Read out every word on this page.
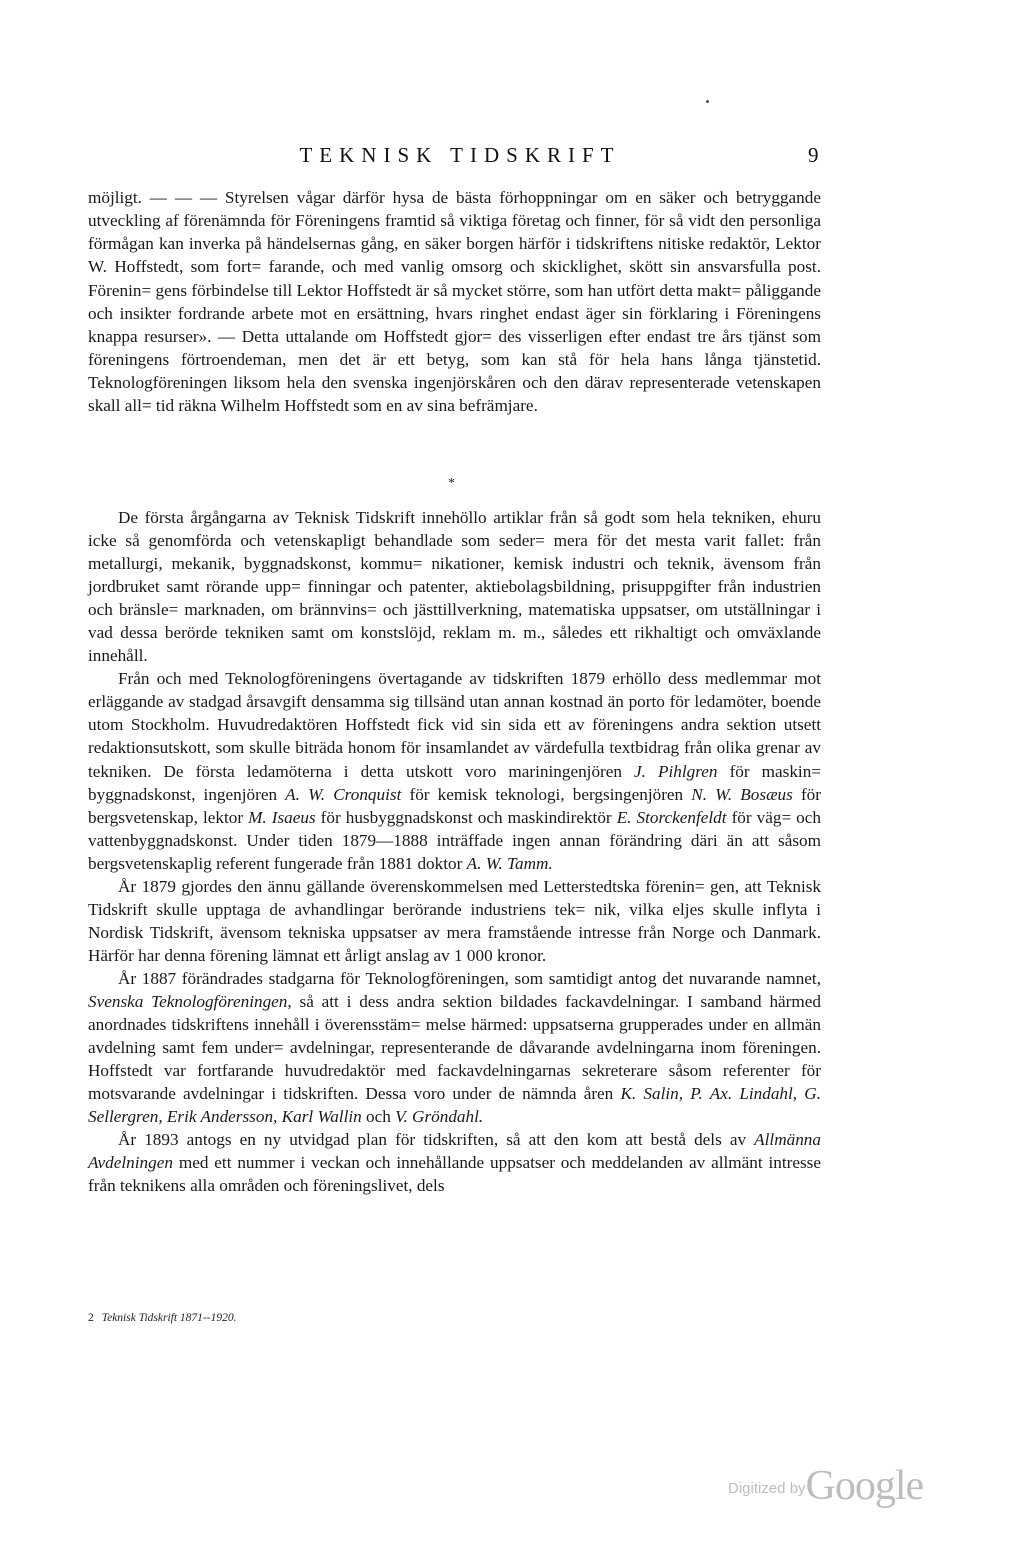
TEKNISK TIDSKRIFT	9

möjligt. — — — Styrelsen vågar därför hysa de bästa förhoppningar om en säker och betryggande utveckling af förenämnda för Föreningens framtid så viktiga företag och finner, för så vidt den personliga förmågan kan inverka på händelsernas gång, en säker borgen härför i tidskriftens nitiske redaktör, Lektor W. Hoffstedt, som fort= farande, och med vanlig omsorg och skicklighet, skött sin ansvarsfulla post. Förenin= gens förbindelse till Lektor Hoffstedt är så mycket större, som han utfört detta makt= påliggande och insikter fordrande arbete mot en ersättning, hvars ringhet endast äger sin förklaring i Föreningens knappa resurser». — Detta uttalande om Hoffstedt gjor= des visserligen efter endast tre års tjänst som föreningens förtroendeman, men det är ett betyg, som kan stå för hela hans långa tjänstetid. Teknologföreningen liksom hela den svenska ingenjörskåren och den därav representerade vetenskapen skall all= tid räkna Wilhelm Hoffstedt som en av sina befrämjare.

*

De första årgångarna av Teknisk Tidskrift innehöllo artiklar från så godt som hela tekniken, ehuru icke så genomförda och vetenskapligt behandlade som seder= mera för det mesta varit fallet: från metallurgi, mekanik, byggnadskonst, kommu= nikationer, kemisk industri och teknik, ävensom från jordbruket samt rörande upp= finningar och patenter, aktiebolagsbildning, prisuppgifter från industrien och bränsle= marknaden, om brännvins= och jästtillverkning, matematiska uppsatser, om utställningar i vad dessa berörde tekniken samt om konstslöjd, reklam m. m., således ett rikhaltigt och omväxlande innehåll.

Från och med Teknologföreningens övertagande av tidskriften 1879 erhöllo dess medlemmar mot erläggande av stadgad årsavgift densamma sig tillsänd utan annan kostnad än porto för ledamöter, boende utom Stockholm. Huvudredaktören Hoffstedt fick vid sin sida ett av föreningens andra sektion utsett redaktionsutskott, som skulle biträda honom för insamlandet av värdefulla textbidrag från olika grenar av tekniken. De första ledamöterna i detta utskott voro mariningenjören J. Pihlgren för maskin= byggnadskonst, ingenjören A. W. Cronquist för kemisk teknologi, bergsingenjören N. W. Bosæus för bergsvetenskap, lektor M. Isaeus för husbyggnadskonst och maskindirektör E. Storckenfeldt för väg= och vattenbyggnadskonst. Under tiden 1879—1888 inträffade ingen annan förändring däri än att såsom bergsvetenskaplig referent fungerade från 1881 doktor A. W. Tamm.

År 1879 gjordes den ännu gällande överenskommelsen med Letterstedtska förenin= gen, att Teknisk Tidskrift skulle upptaga de avhandlingar berörande industriens tek= nik, vilka eljes skulle inflyta i Nordisk Tidskrift, ävensom tekniska uppsatser av mera framstående intresse från Norge och Danmark. Härför har denna förening lämnat ett årligt anslag av 1 000 kronor.

År 1887 förändrades stadgarna för Teknologföreningen, som samtidigt antog det nuvarande namnet, Svenska Teknologföreningen, så att i dess andra sektion bildades fackavdelningar. I samband härmed anordnades tidskriftens innehåll i överensstäm= melse härmed: uppsatserna grupperades under en allmän avdelning samt fem under= avdelningar, representerande de dåvarande avdelningarna inom föreningen. Hoffstedt var fortfarande huvudredaktör med fackavdelningarnas sekreterare såsom referenter för motsvarande avdelningar i tidskriften. Dessa voro under de nämnda åren K. Salin, P. Ax. Lindahl, G. Sellergren, Erik Andersson, Karl Wallin och V. Gröndahl.

År 1893 antogs en ny utvidgad plan för tidskriften, så att den kom att bestå dels av Allmänna Avdelningen med ett nummer i veckan och innehållande uppsatser och meddelanden av allmänt intresse från teknikens alla områden och föreningslivet, dels

2 Teknisk Tidskrift 1871--1920.
Digitized byGoogle
